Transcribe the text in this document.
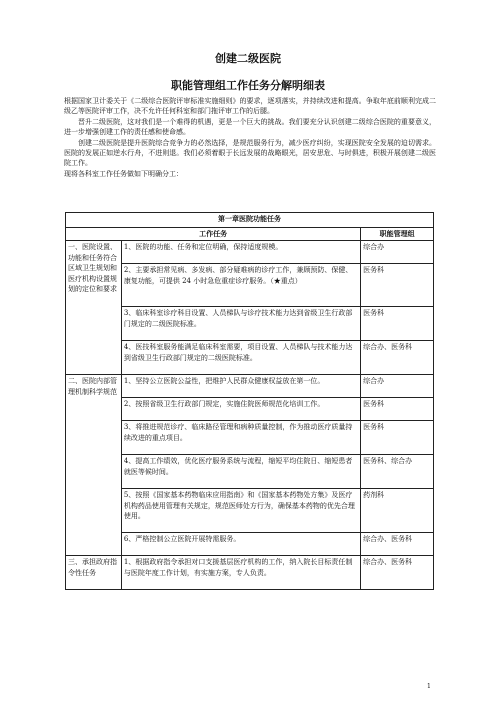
创建二级医院
职能管理组工作任务分解明细表

根据国家卫计委关于《二级综合医院评审标准实施细则》的要求，逐项落实，并持续改进和提高。争取年底前顺利完成二级乙等医院评审工作，决不允许任何科室和部门拖评审工作的后腿。

晋升二级医院，这对我们是一个难得的机遇，更是一个巨大的挑战。我们要充分认识创建二级综合医院的重要意义，进一步增强创建工作的责任感和使命感。

创建二级医院是提升医院综合竞争力的必然选择，是规范服务行为，减少医疗纠纷，实现医院安全发展的迫切需求。医院的发展正如逆水行舟，不进则退。我们必须着眼于长远发展的战略眼光，居安思危、与时俱进，积极开展创建二级医院工作。

现将各科室工作任务做如下明确分工：

第一章医院功能任务		
工作任务		职能管理组
一、医院设置、功能和任务符合区域卫生规划和医疗机构设置规划的定位和要求	1、医院的功能、任务和定位明确，保持适度规模。	综合办
	2、主要承担常见病、多发病、部分疑难病的诊疗工作，兼顾预防、保健、康复功能，可提供 24 小时急危重症诊疗服务。（★重点）	医务科
	3、临床科室诊疗科目设置、人员梯队与诊疗技术能力达到省级卫生行政部门规定的二级医院标准。	医务科
	4、医技科室服务能满足临床科室需要，项目设置、人员梯队与技术能力达到省级卫生行政部门规定的二级医院标准。	综合办、医务科
二、医院内部管理机制科学规范	1、坚持公立医院公益性，把维护人民群众健康权益放在第一位。	综合办
	2、按照省级卫生行政部门规定，实施住院医师规范化培训工作。	医务科
	3、将推进规范诊疗、临床路径管理和病种质量控制，作为推动医疗质量持续改进的重点项目。	医务科
	4、提高工作绩效，优化医疗服务系统与流程，缩短平均住院日、缩短患者就医等候时间。	医务科、综合办
	5、按照《国家基本药物临床应用指南》和《国家基本药物处方集》及医疗机构药品使用管理有关规定，规范医师处方行为，确保基本药物的优先合理使用。	药剂科
	6、严格控制公立医院开展特需服务。	综合办、医务科
三、承担政府指令性任务	1、根据政府指令承担对口支援基层医疗机构的工作，纳入院长目标责任制与医院年度工作计划，有实施方案，专人负责。	综合办、医务科
1
